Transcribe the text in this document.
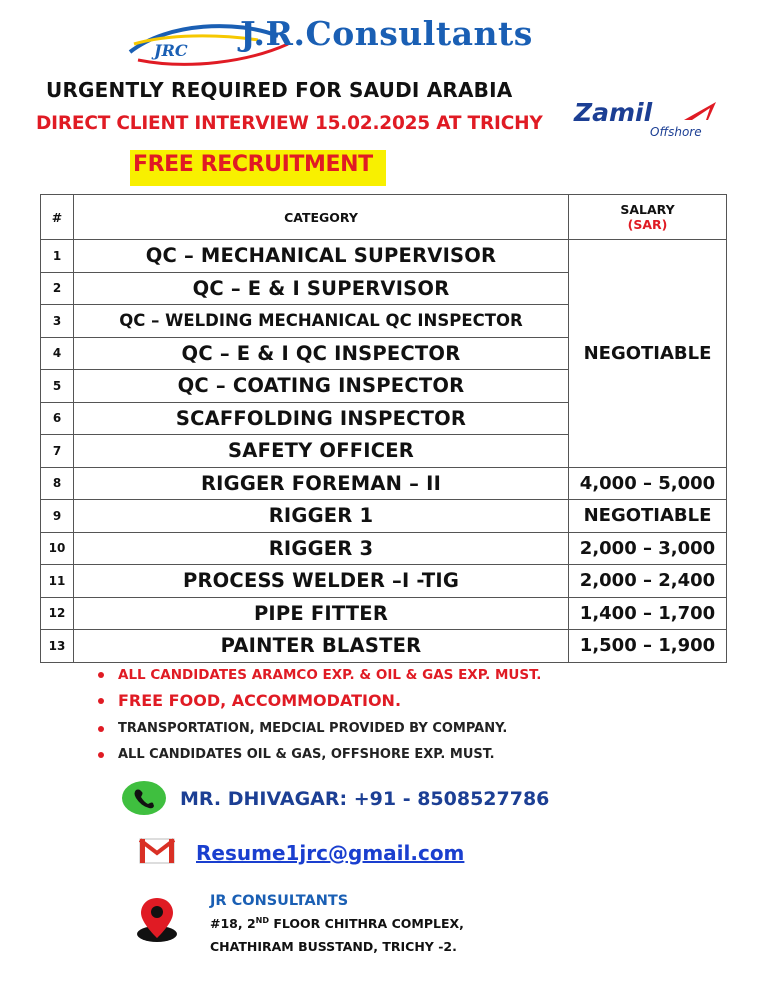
JRC J.R.Consultants
URGENTLY REQUIRED FOR SAUDI ARABIA
DIRECT CLIENT INTERVIEW 15.02.2025 AT TRICHY Zamil
Offshore
FREE RECRUITMENT
#	CATEGORY	SALARY
(SAR)

1	QC – MECHANICAL SUPERVISOR	NEGOTIABLE
2	QC – E & I SUPERVISOR	
3	QC – WELDING MECHANICAL QC INSPECTOR	
4	QC – E & I QC INSPECTOR	
5	QC – COATING INSPECTOR	
6	SCAFFOLDING INSPECTOR	
7	SAFETY OFFICER	
8	RIGGER FOREMAN – II	4,000 – 5,000
9	RIGGER 1	NEGOTIABLE
10	RIGGER 3	2,000 – 3,000
11	PROCESS WELDER –I -TIG	2,000 – 2,400
12	PIPE FITTER	1,400 – 1,700
13	PAINTER BLASTER	1,500 – 1,900
ALL CANDIDATES ARAMCO EXP. & OIL & GAS EXP. MUST.
FREE FOOD, ACCOMMODATION.
TRANSPORTATION, MEDCIAL PROVIDED BY COMPANY.
ALL CANDIDATES OIL & GAS, OFFSHORE EXP. MUST.
MR. DHIVAGAR: +91 - 8508527786
Resume1jrc@gmail.com
JR CONSULTANTS
#18, 2ND FLOOR CHITHRA COMPLEX,
CHATHIRAM BUSSTAND, TRICHY -2.
